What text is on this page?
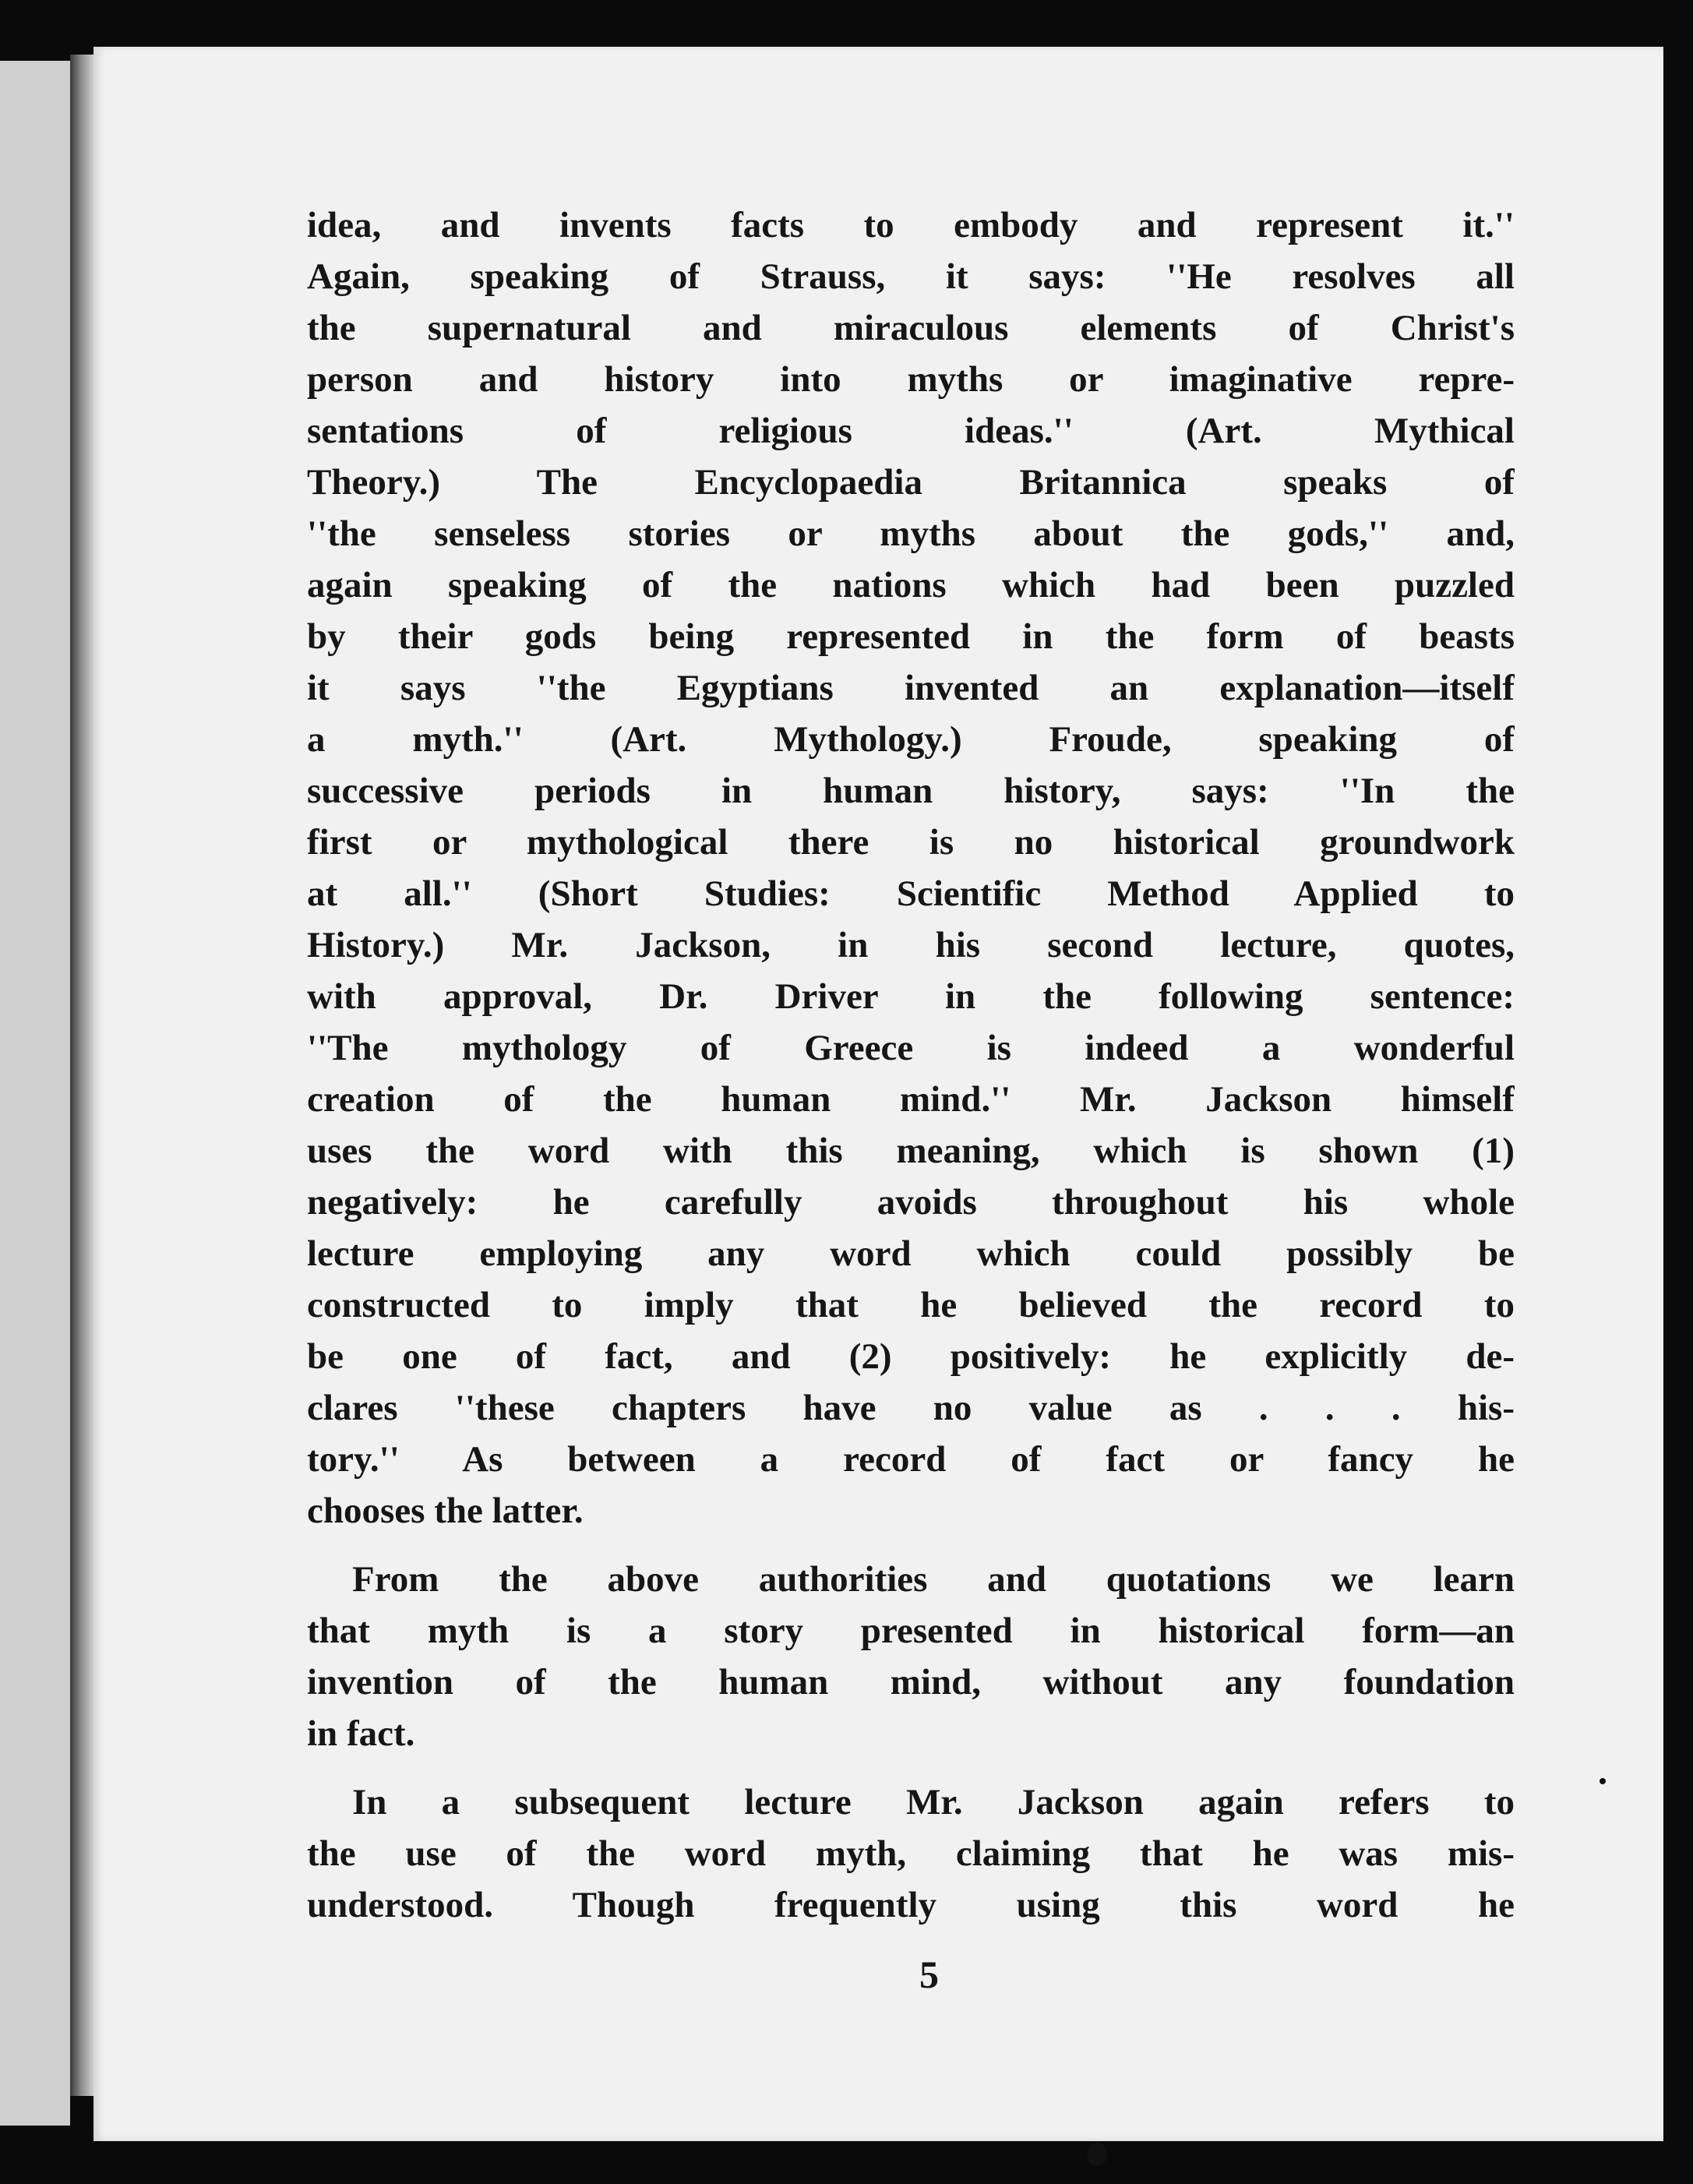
idea, and invents facts to embody and represent it.''
Again, speaking of Strauss, it says: ''He resolves all
the supernatural and miraculous elements of Christ's
person and history into myths or imaginative repre-
sentations of religious ideas.'' (Art. Mythical
Theory.) The Encyclopaedia Britannica speaks of
''the senseless stories or myths about the gods,'' and,
again speaking of the nations which had been puzzled
by their gods being represented in the form of beasts
it says ''the Egyptians invented an explanation—itself
a myth.'' (Art. Mythology.) Froude, speaking of
successive periods in human history, says: ''In the
first or mythological there is no historical groundwork
at all.'' (Short Studies: Scientific Method Applied to
History.) Mr. Jackson, in his second lecture, quotes,
with approval, Dr. Driver in the following sentence:
''The mythology of Greece is indeed a wonderful
creation of the human mind.'' Mr. Jackson himself
uses the word with this meaning, which is shown (1)
negatively: he carefully avoids throughout his whole
lecture employing any word which could possibly be
constructed to imply that he believed the record to
be one of fact, and (2) positively: he explicitly de-
clares ''these chapters have no value as . . . his-
tory.'' As between a record of fact or fancy he
chooses the latter.
From the above authorities and quotations we learn
that myth is a story presented in historical form—an
invention of the human mind, without any foundation
in fact.
In a subsequent lecture Mr. Jackson again refers to
the use of the word myth, claiming that he was mis-
understood. Though frequently using this word he
5
